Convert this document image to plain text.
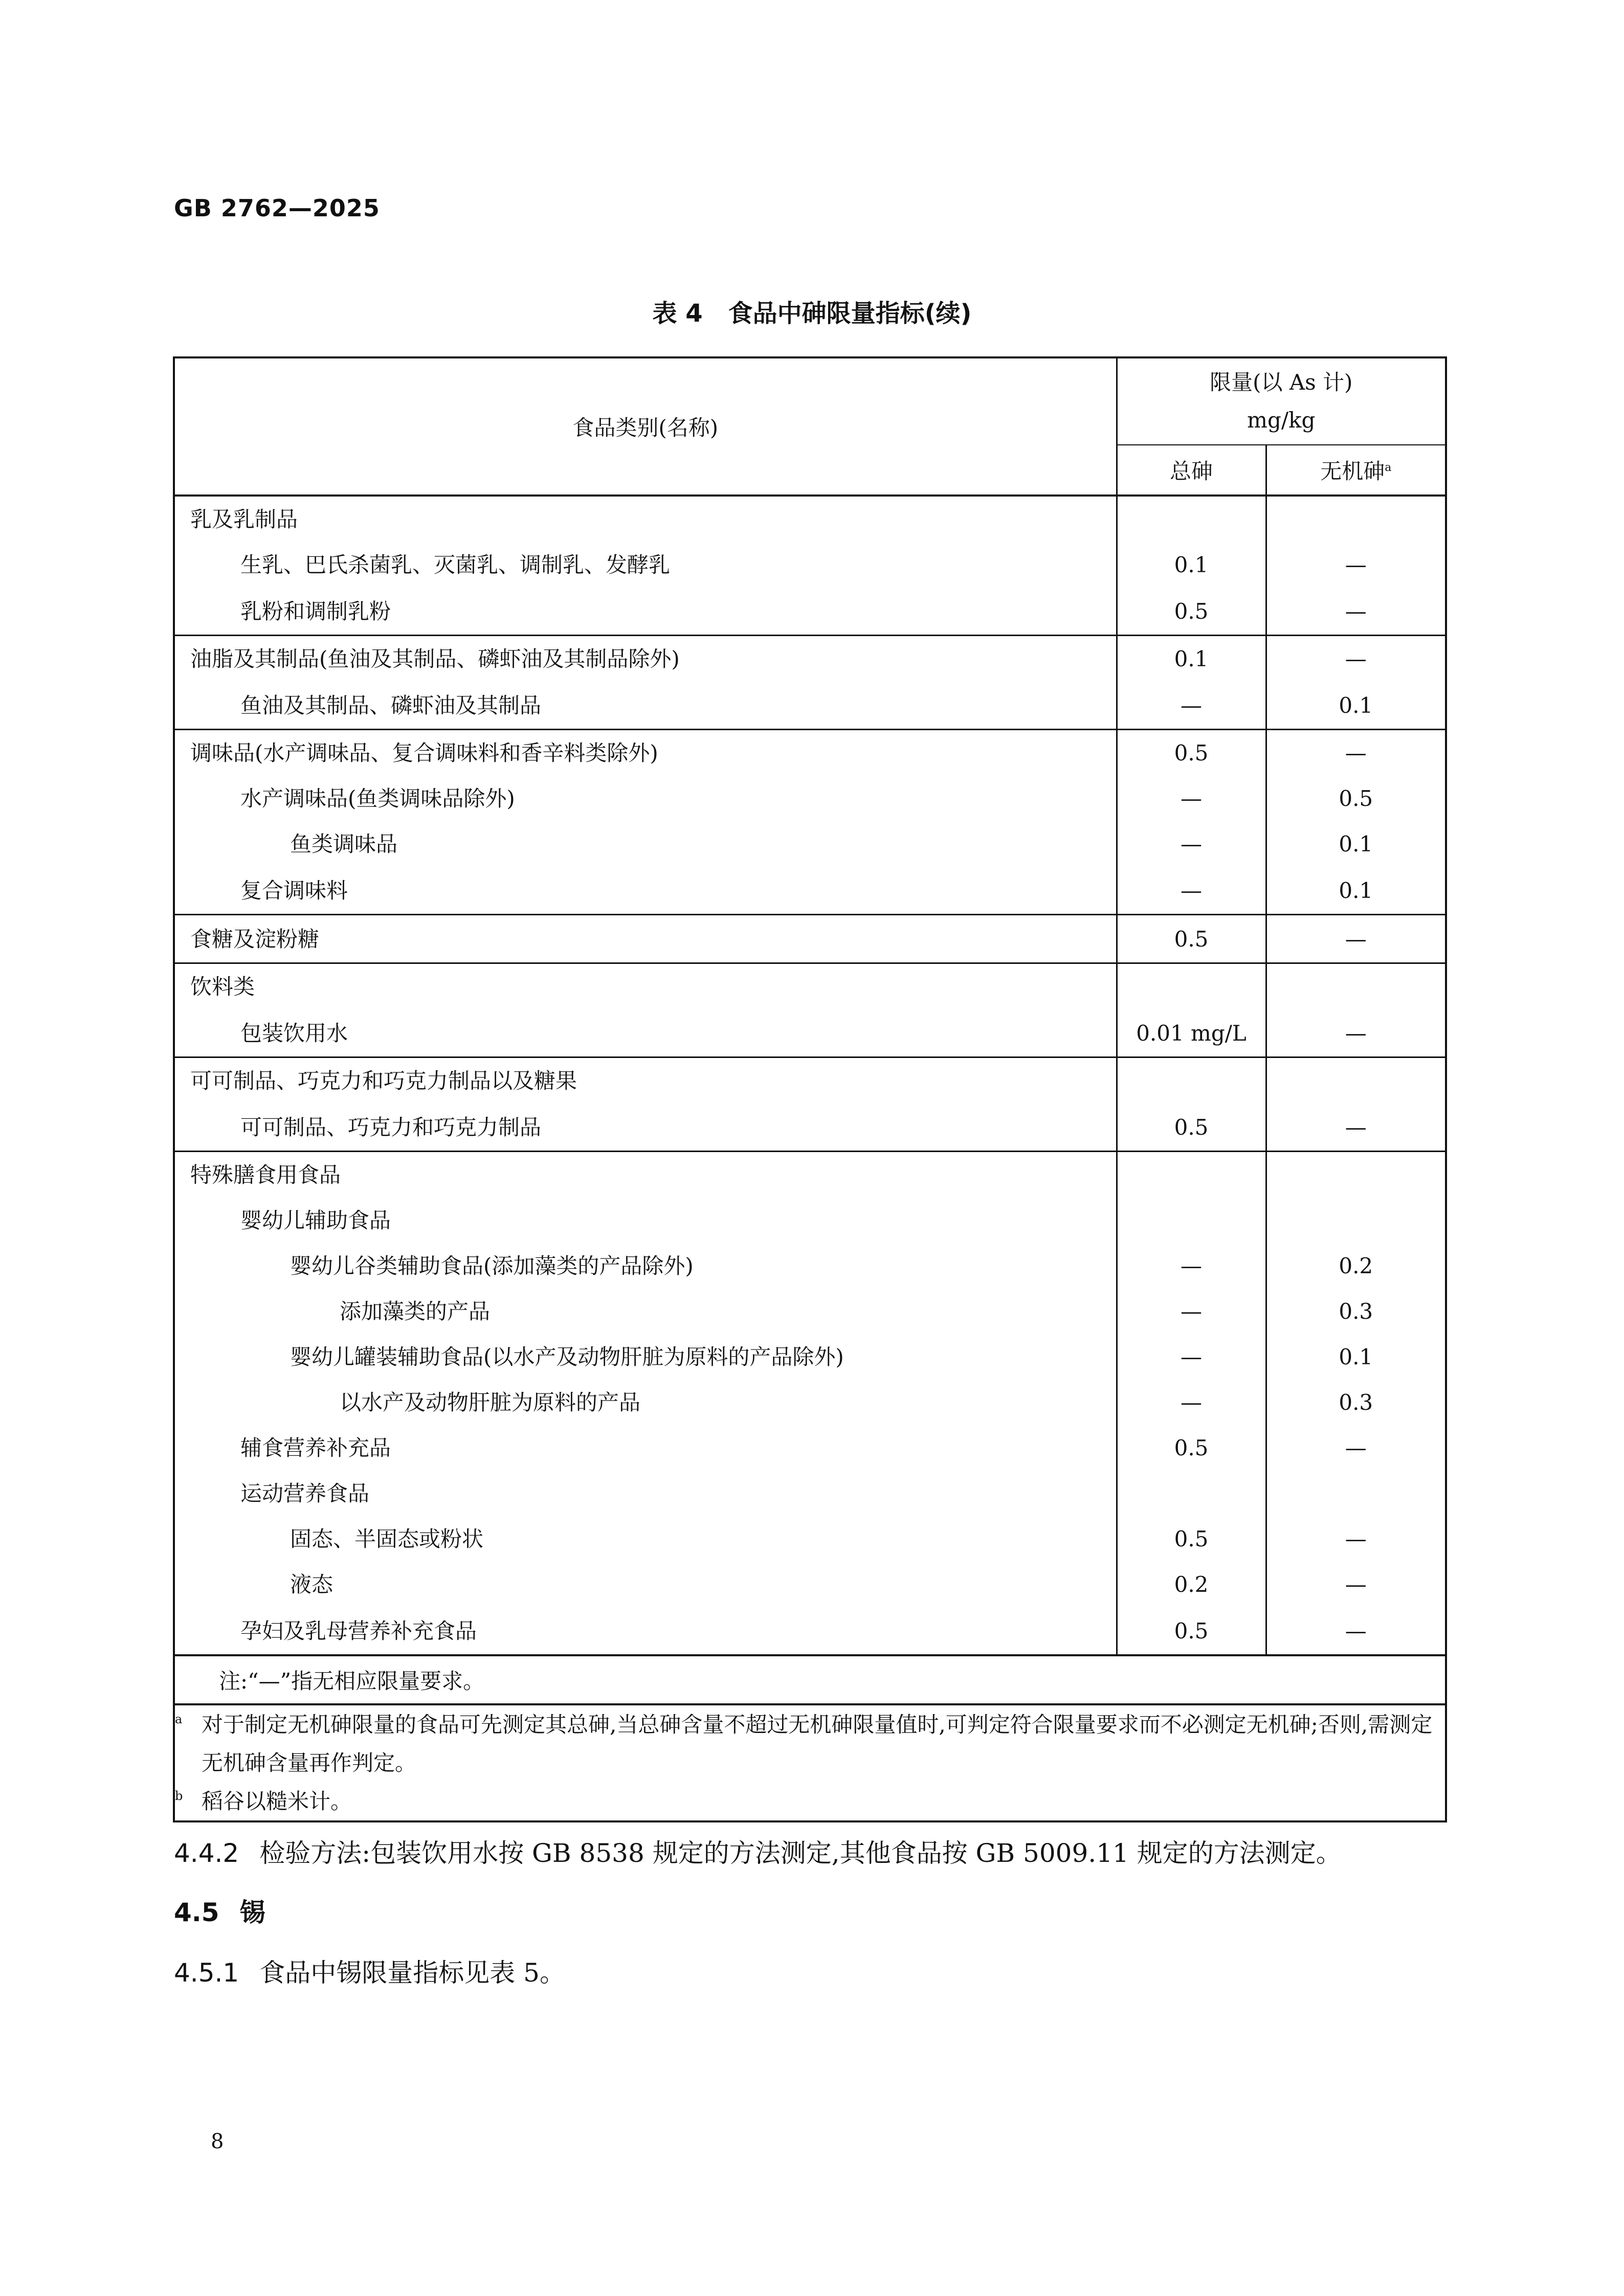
GB 2762—2025
表 4 食品中砷限量指标(续)
食品类别(名称)	限量(以 As 计)
mg/kg	

	总砷	无机砷$^a$
乳及乳制品		
生乳、巴氏杀菌乳、灭菌乳、调制乳、发酵乳	0.1	—
乳粉和调制乳粉	0.5	—
油脂及其制品(鱼油及其制品、磷虾油及其制品除外)	0.1	—
鱼油及其制品、磷虾油及其制品	—	0.1
调味品(水产调味品、复合调味料和香辛料类除外)	0.5	—
水产调味品(鱼类调味品除外)	—	0.5
鱼类调味品	—	0.1
复合调味料	—	0.1
食糖及淀粉糖	0.5	—
饮料类		
包装饮用水	0.01 mg/L	—
可可制品、巧克力和巧克力制品以及糖果		
可可制品、巧克力和巧克力制品	0.5	—
特殊膳食用食品		
婴幼儿辅助食品		
婴幼儿谷类辅助食品(添加藻类的产品除外)	—	0.2
添加藻类的产品	—	0.3
婴幼儿罐装辅助食品(以水产及动物肝脏为原料的产品除外)	—	0.1
以水产及动物肝脏为原料的产品	—	0.3
辅食营养补充品	0.5	—
运动营养食品		
固态、半固态或粉状	0.5	—
液态	0.2	—
孕妇及乳母营养补充食品	0.5	—
注:“—”指无相应限量要求。		

a 对于制定无机砷限量的食品可先测定其总砷,当总砷含量不超过无机砷限量值时,可判定符合限量要求而不必测定无机砷;否则,需测定无机砷含量再作判定。
b 稻谷以糙米计。		
4.4.2 检验方法:包装饮用水按 GB 8538 规定的方法测定,其他食品按 GB 5009.11 规定的方法测定。
4.5 锡
4.5.1 食品中锡限量指标见表 5。
8
